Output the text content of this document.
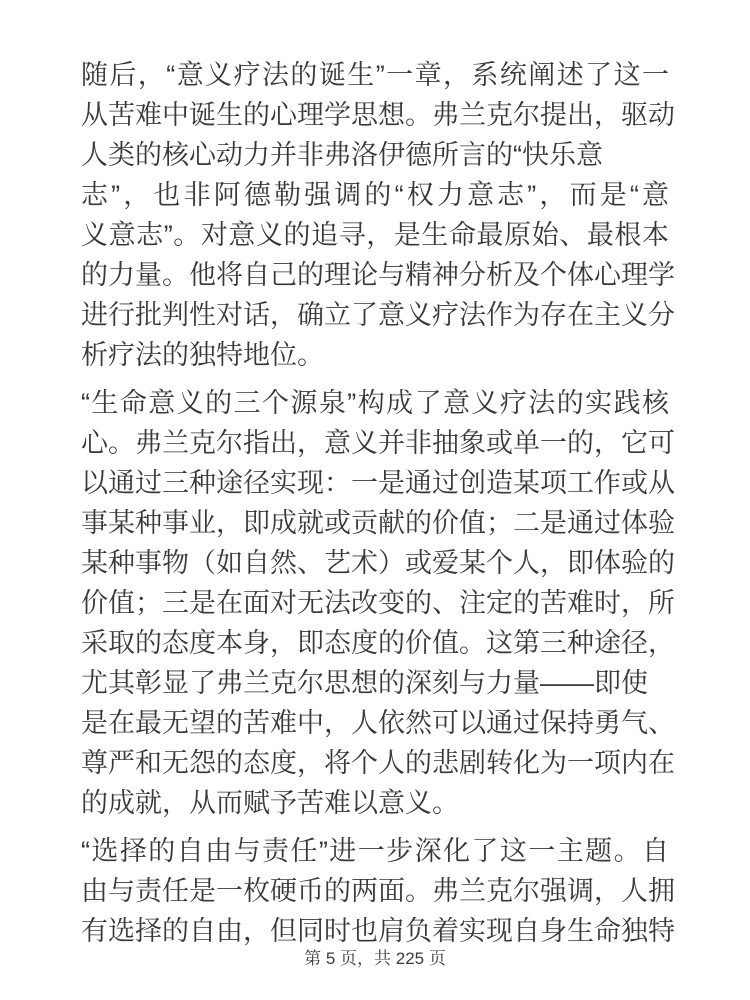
随后，“意义疗法的诞生”一章，系统阐述了这一
从苦难中诞生的心理学思想。弗兰克尔提出，驱动
人类的核心动力并非弗洛伊德所言的“快乐意
志”，也非阿德勒强调的“权力意志”，而是“意
义意志”。对意义的追寻，是生命最原始、最根本
的力量。他将自己的理论与精神分析及个体心理学
进行批判性对话，确立了意义疗法作为存在主义分
析疗法的独特地位。

“生命意义的三个源泉”构成了意义疗法的实践核
心。弗兰克尔指出，意义并非抽象或单一的，它可
以通过三种途径实现：一是通过创造某项工作或从
事某种事业，即成就或贡献的价值；二是通过体验
某种事物（如自然、艺术）或爱某个人，即体验的
价值；三是在面对无法改变的、注定的苦难时，所
采取的态度本身，即态度的价值。这第三种途径，
尤其彰显了弗兰克尔思想的深刻与力量——即使
是在最无望的苦难中，人依然可以通过保持勇气、
尊严和无怨的态度，将个人的悲剧转化为一项内在
的成就，从而赋予苦难以意义。

“选择的自由与责任”进一步深化了这一主题。自
由与责任是一枚硬币的两面。弗兰克尔强调，人拥
有选择的自由，但同时也肩负着实现自身生命独特

第 5 页，共 225 页
